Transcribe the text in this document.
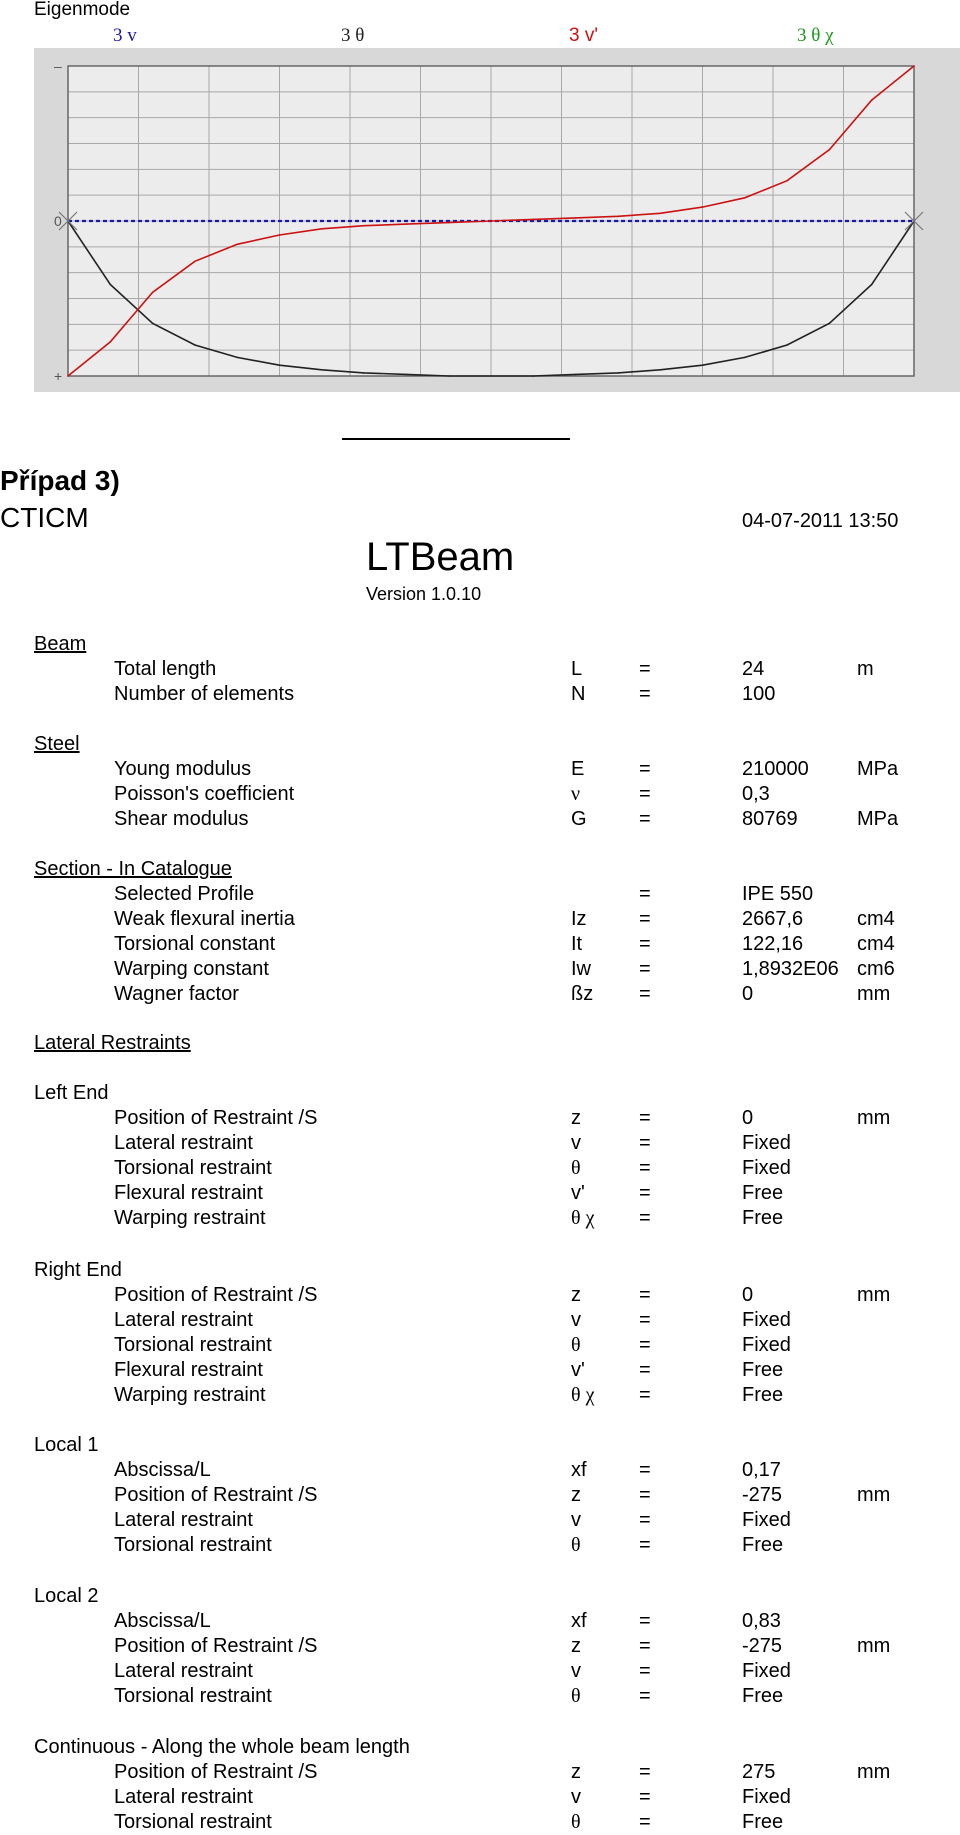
Eigenmode
3 v	3 θ	3 v'	3 θ χ
–
0
+
Případ 3)
CTICM	04-07-2011 13:50
LTBeam
Version 1.0.10
Beam
Total length	L	=	24	m
Number of elements	N	=	100
Steel
Young modulus	E	=	210000 MPa
Poisson's coefficient	ν	=	0,3
Shear modulus	G	=	80769	MPa
Section - In Catalogue
Selected Profile	=	IPE 550
Weak flexural inertia	Iz	=	2667,6	cm4
Torsional constant	It	=	122,16	cm4
Warping constant	Iw =	1,8932E06 cm6
Wagner factor	ßz =	0	mm
Lateral Restraints
Left End
Position of Restraint /S	z	=	0	mm
Lateral restraint	v	=	Fixed
Torsional restraint	θ	=	Fixed
Flexural restraint	v'	=	Free
Warping restraint	θ χ =	Free
Right End
Position of Restraint /S	z	=	0	mm
Lateral restraint	v	=	Fixed
Torsional restraint	θ	=	Fixed
Flexural restraint	v'	=	Free
Warping restraint	θ χ =	Free
Local 1
Abscissa/L	xf	=	0,17
Position of Restraint /S	z	=	-275	mm
Lateral restraint	v	=	Fixed
Torsional restraint	θ	=	Free
Local 2
Abscissa/L	xf	=	0,83
Position of Restraint /S	z	=	-275	mm
Lateral restraint	v	=	Fixed
Torsional restraint	θ	=	Free
Continuous - Along the whole beam length
Position of Restraint /S	z	=	275	mm
Lateral restraint	v	=	Fixed
Torsional restraint	θ	=	Free
